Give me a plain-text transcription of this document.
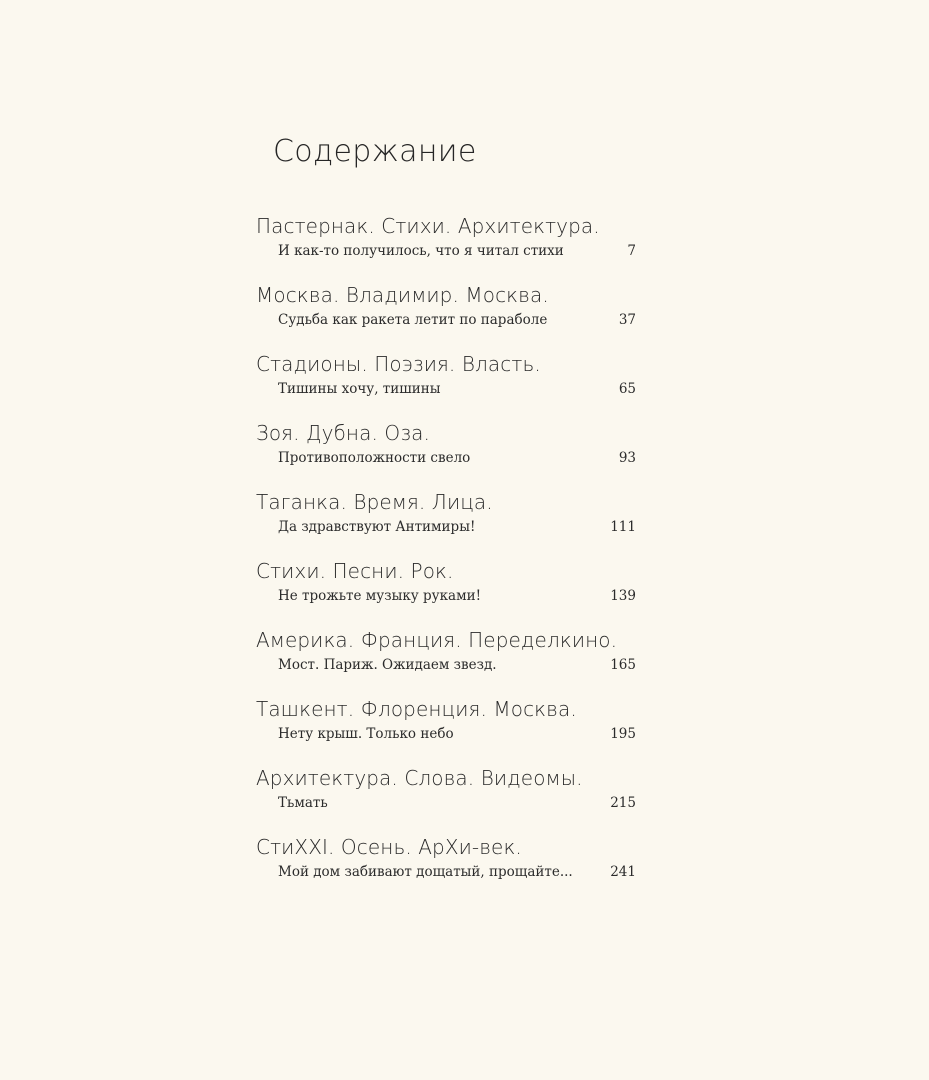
Содержание
Пастернак. Стихи. Архитектура.
И как-то получилось, что я читал стихи	7
Москва. Владимир. Москва.
Судьба как ракета летит по параболе	37
Стадионы. Поэзия. Власть.
Тишины хочу, тишины	65
Зоя. Дубна. Оза.
Противоположности свело	93
Таганка. Время. Лица.
Да здравствуют Антимиры!	111
Стихи. Песни. Рок.
Не трожьте музыку руками!	139
Америка. Франция. Переделкино.
Мост. Париж. Ожидаем звезд.	165
Ташкент. Флоренция. Москва.
Нету крыш. Только небо	195
Архитектура. Слова. Видеомы.
Тьмать	215
СтиXXI. Осень. АрХи-век.
Мой дом забивают дощатый, прощайте...	241
